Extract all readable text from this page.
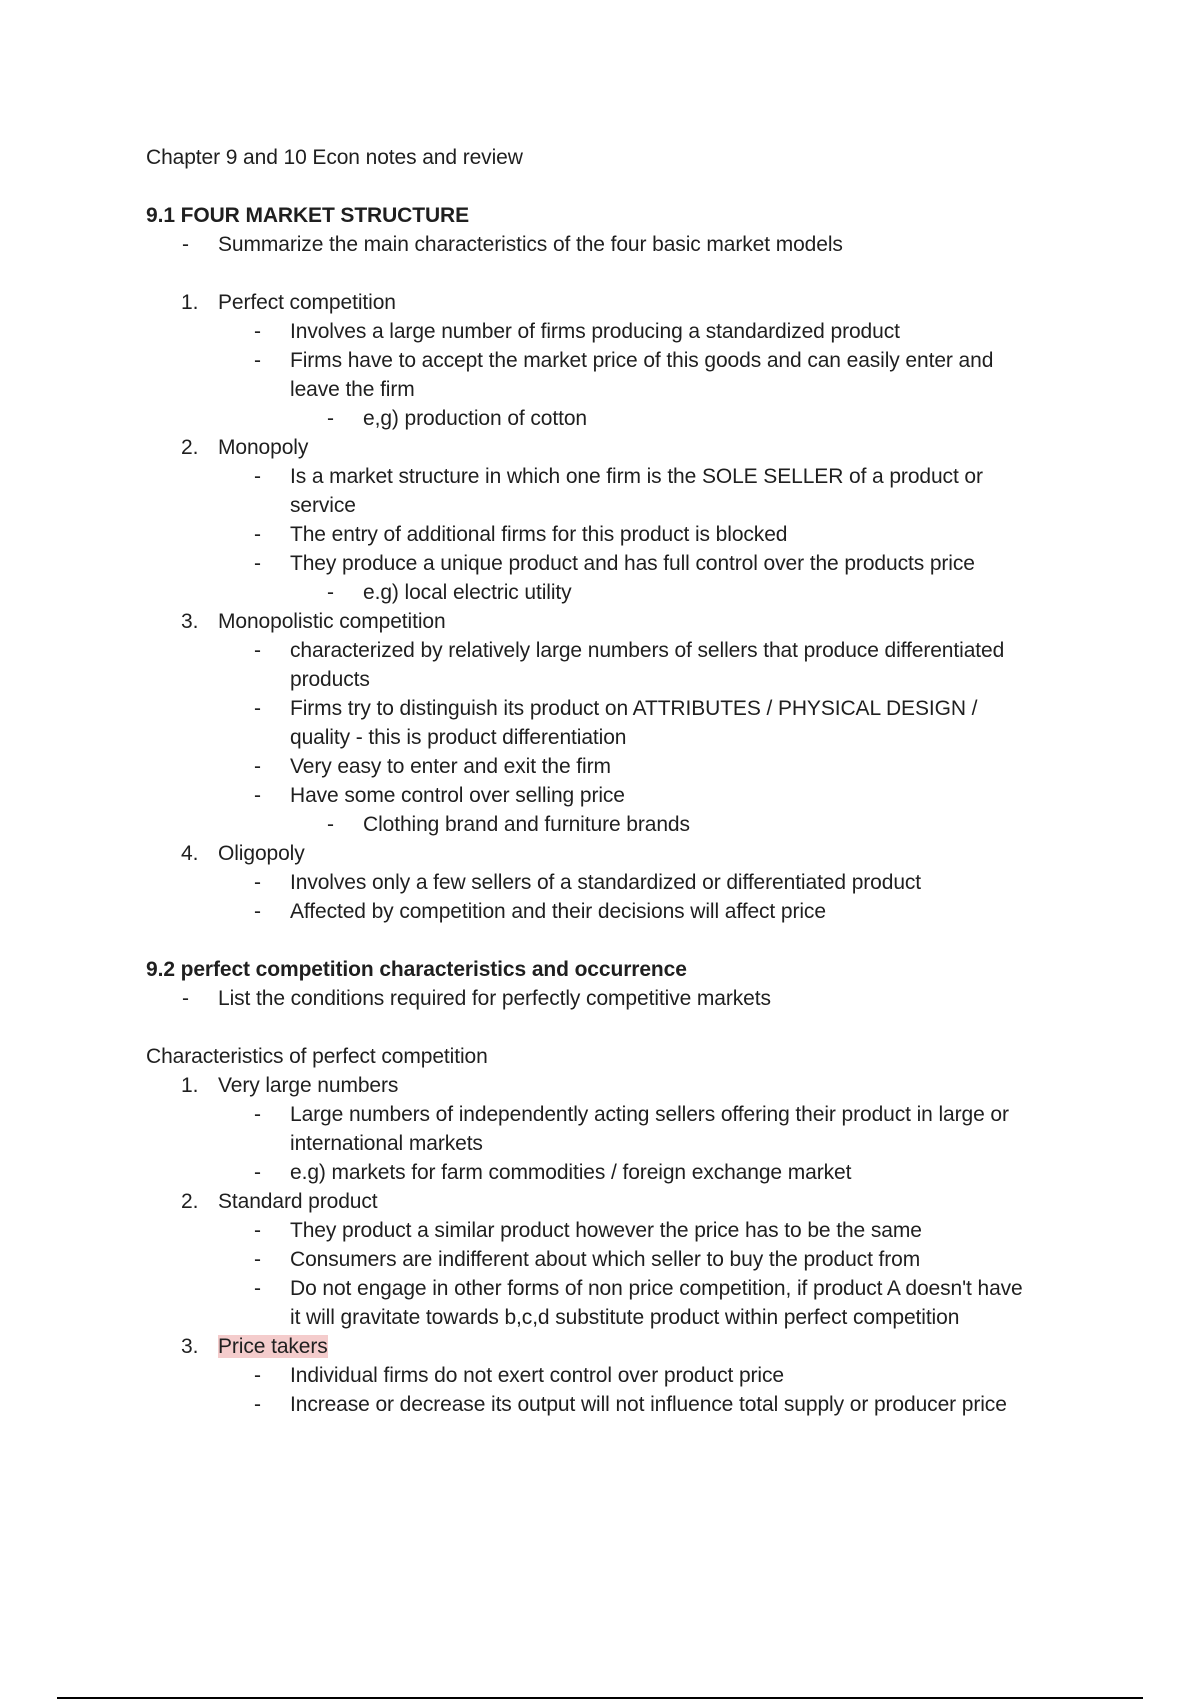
Chapter 9 and 10 Econ notes and review
9.1 FOUR MARKET STRUCTURE
- Summarize the main characteristics of the four basic market models
1. Perfect competition
- Involves a large number of firms producing a standardized product
- Firms have to accept the market price of this goods and can easily enter and
leave the firm
- e,g) production of cotton
2. Monopoly
- Is a market structure in which one firm is the SOLE SELLER of a product or
service
- The entry of additional firms for this product is blocked
- They produce a unique product and has full control over the products price
- e.g) local electric utility
3. Monopolistic competition
- characterized by relatively large numbers of sellers that produce differentiated
products
- Firms try to distinguish its product on ATTRIBUTES / PHYSICAL DESIGN /
quality - this is product differentiation
- Very easy to enter and exit the firm
- Have some control over selling price
- Clothing brand and furniture brands
4. Oligopoly
- Involves only a few sellers of a standardized or differentiated product
- Affected by competition and their decisions will affect price
9.2 perfect competition characteristics and occurrence
- List the conditions required for perfectly competitive markets
Characteristics of perfect competition
1. Very large numbers
- Large numbers of independently acting sellers offering their product in large or
international markets
- e.g) markets for farm commodities / foreign exchange market
2. Standard product
- They product a similar product however the price has to be the same
- Consumers are indifferent about which seller to buy the product from
- Do not engage in other forms of non price competition, if product A doesn't have
it will gravitate towards b,c,d substitute product within perfect competition
3. Price takers
- Individual firms do not exert control over product price
- Increase or decrease its output will not influence total supply or producer price
